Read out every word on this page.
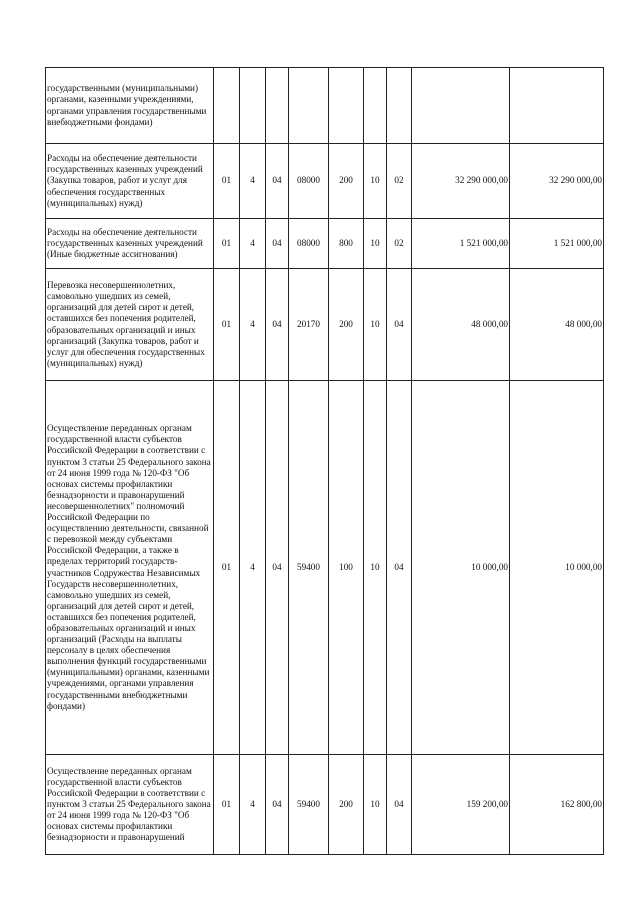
государственными (муниципальными) органами, казенными учреждениями, органами управления государственными внебюджетными фондами)									
Расходы на обеспечение деятельности государственных казенных учреждений (Закупка товаров, работ и услуг для обеспечения государственных (муниципальных) нужд)	01	4	04	08000	200	10	02	32 290 000,00	32 290 000,00
Расходы на обеспечение деятельности государственных казенных учреждений (Иные бюджетные ассигнования)	01	4	04	08000	800	10	02	1 521 000,00	1 521 000,00
Перевозка несовершеннолетних, самовольно ушедших из семей, организаций для детей сирот и детей, оставшихся без попечения родителей, образовательных организаций и иных организаций (Закупка товаров, работ и услуг для обеспечения государственных (муниципальных) нужд)	01	4	04	20170	200	10	04	48 000,00	48 000,00
Осуществление переданных органам государственной власти субъектов Российской Федерации в соответствии с пунктом 3 статьи 25 Федерального закона от 24 июня 1999 года № 120-ФЗ "Об основах системы профилактики безнадзорности и правонарушений несовершеннолетних" полномочий Российской Федерации по осуществлению деятельности, связанной с перевозкой между субъектами Российской Федерации, а также в пределах территорий государств-участников Содружества Независимых Государств несовершеннолетних, самовольно ушедших из семей, организаций для детей сирот и детей, оставшихся без попечения родителей, образовательных организаций и иных организаций (Расходы на выплаты персоналу в целях обеспечения выполнения функций государственными (муниципальными) органами, казенными учреждениями, органами управления государственными внебюджетными фондами)	01	4	04	59400	100	10	04	10 000,00	10 000,00
Осуществление переданных органам государственной власти субъектов Российской Федерации в соответствии с пунктом 3 статьи 25 Федерального закона от 24 июня 1999 года № 120-ФЗ "Об основах системы профилактики безнадзорности и правонарушений	01	4	04	59400	200	10	04	159 200,00	162 800,00
